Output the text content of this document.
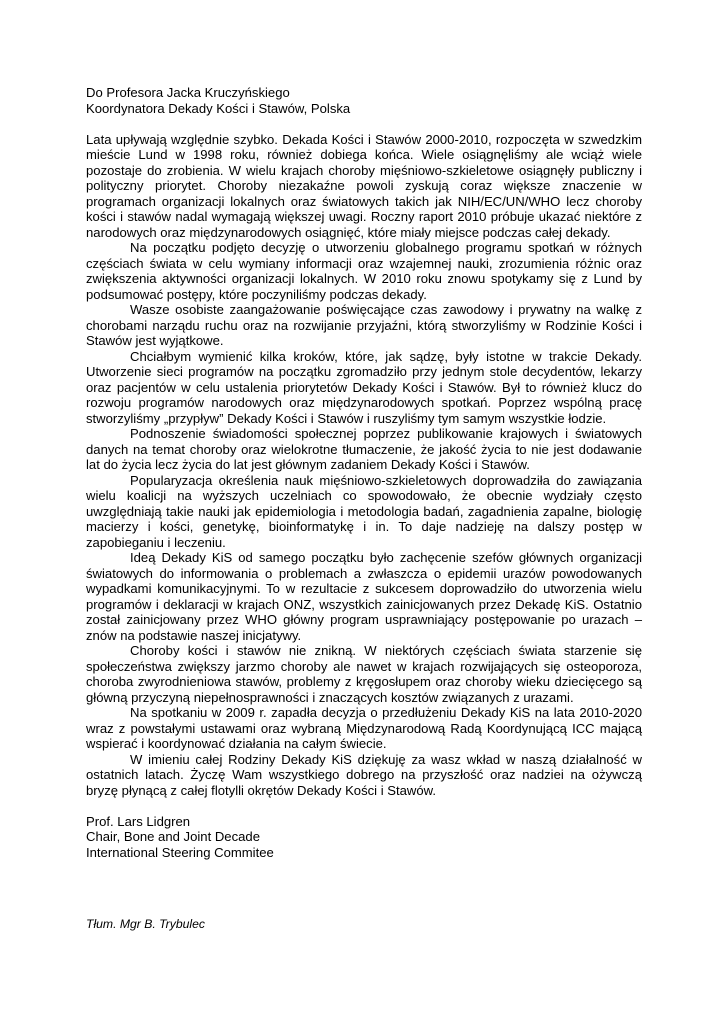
Do Profesora Jacka Kruczyńskiego
Koordynatora Dekady Kości i Stawów, Polska

Lata upływają względnie szybko. Dekada Kości i Stawów 2000-2010, rozpoczęta w szwedzkim mieście Lund w 1998 roku, również dobiega końca. Wiele osiągnęliśmy ale wciąż wiele pozostaje do zrobienia. W wielu krajach choroby mięśniowo-szkieletowe osiągnęły publiczny i polityczny priorytet. Choroby niezakaźne powoli zyskują coraz większe znaczenie w programach organizacji lokalnych oraz światowych takich jak NIH/EC/UN/WHO lecz choroby kości i stawów nadal wymagają większej uwagi. Roczny raport 2010 próbuje ukazać niektóre z narodowych oraz międzynarodowych osiągnięć, które miały miejsce podczas całej dekady.

Na początku podjęto decyzję o utworzeniu globalnego programu spotkań w różnych częściach świata w celu wymiany informacji oraz wzajemnej nauki, zrozumienia różnic oraz zwiększenia aktywności organizacji lokalnych. W 2010 roku znowu spotykamy się z Lund by podsumować postępy, które poczyniliśmy podczas dekady.

Wasze osobiste zaangażowanie poświęcające czas zawodowy i prywatny na walkę z chorobami narządu ruchu oraz na rozwijanie przyjaźni, którą stworzyliśmy w Rodzinie Kości i Stawów jest wyjątkowe.

Chciałbym wymienić kilka kroków, które, jak sądzę, były istotne w trakcie Dekady. Utworzenie sieci programów na początku zgromadziło przy jednym stole decydentów, lekarzy oraz pacjentów w celu ustalenia priorytetów Dekady Kości i Stawów. Był to również klucz do rozwoju programów narodowych oraz międzynarodowych spotkań. Poprzez wspólną pracę stworzyliśmy „przypływ” Dekady Kości i Stawów i ruszyliśmy tym samym wszystkie łodzie.

Podnoszenie świadomości społecznej poprzez publikowanie krajowych i światowych danych na temat choroby oraz wielokrotne tłumaczenie, że jakość życia to nie jest dodawanie lat do życia lecz życia do lat jest głównym zadaniem Dekady Kości i Stawów.

Popularyzacja określenia nauk mięśniowo-szkieletowych doprowadziła do zawiązania wielu koalicji na wyższych uczelniach co spowodowało, że obecnie wydziały często uwzględniają takie nauki jak epidemiologia i metodologia badań, zagadnienia zapalne, biologię macierzy i kości, genetykę, bioinformatykę i in. To daje nadzieję na dalszy postęp w zapobieganiu i leczeniu.

Ideą Dekady KiS od samego początku było zachęcenie szefów głównych organizacji światowych do informowania o problemach a zwłaszcza o epidemii urazów powodowanych wypadkami komunikacyjnymi. To w rezultacie z sukcesem doprowadziło do utworzenia wielu programów i deklaracji w krajach ONZ, wszystkich zainicjowanych przez Dekadę KiS. Ostatnio został zainicjowany przez WHO główny program usprawniający postępowanie po urazach – znów na podstawie naszej inicjatywy.

Choroby kości i stawów nie znikną. W niektórych częściach świata starzenie się społeczeństwa zwiększy jarzmo choroby ale nawet w krajach rozwijających się osteoporoza, choroba zwyrodnieniowa stawów, problemy z kręgosłupem oraz choroby wieku dziecięcego są główną przyczyną niepełnosprawności i znaczących kosztów związanych z urazami.

Na spotkaniu w 2009 r. zapadła decyzja o przedłużeniu Dekady KiS na lata 2010-2020 wraz z powstałymi ustawami oraz wybraną Międzynarodową Radą Koordynującą ICC mającą wspierać i koordynować działania na całym świecie.

W imieniu całej Rodziny Dekady KiS dziękuję za wasz wkład w naszą działalność w ostatnich latach. Życzę Wam wszystkiego dobrego na przyszłość oraz nadziei na ożywczą bryzę płynącą z całej flotylli okrętów Dekady Kości i Stawów.

Prof. Lars Lidgren
Chair, Bone and Joint Decade
International Steering Commitee
Tłum. Mgr B. Trybulec
